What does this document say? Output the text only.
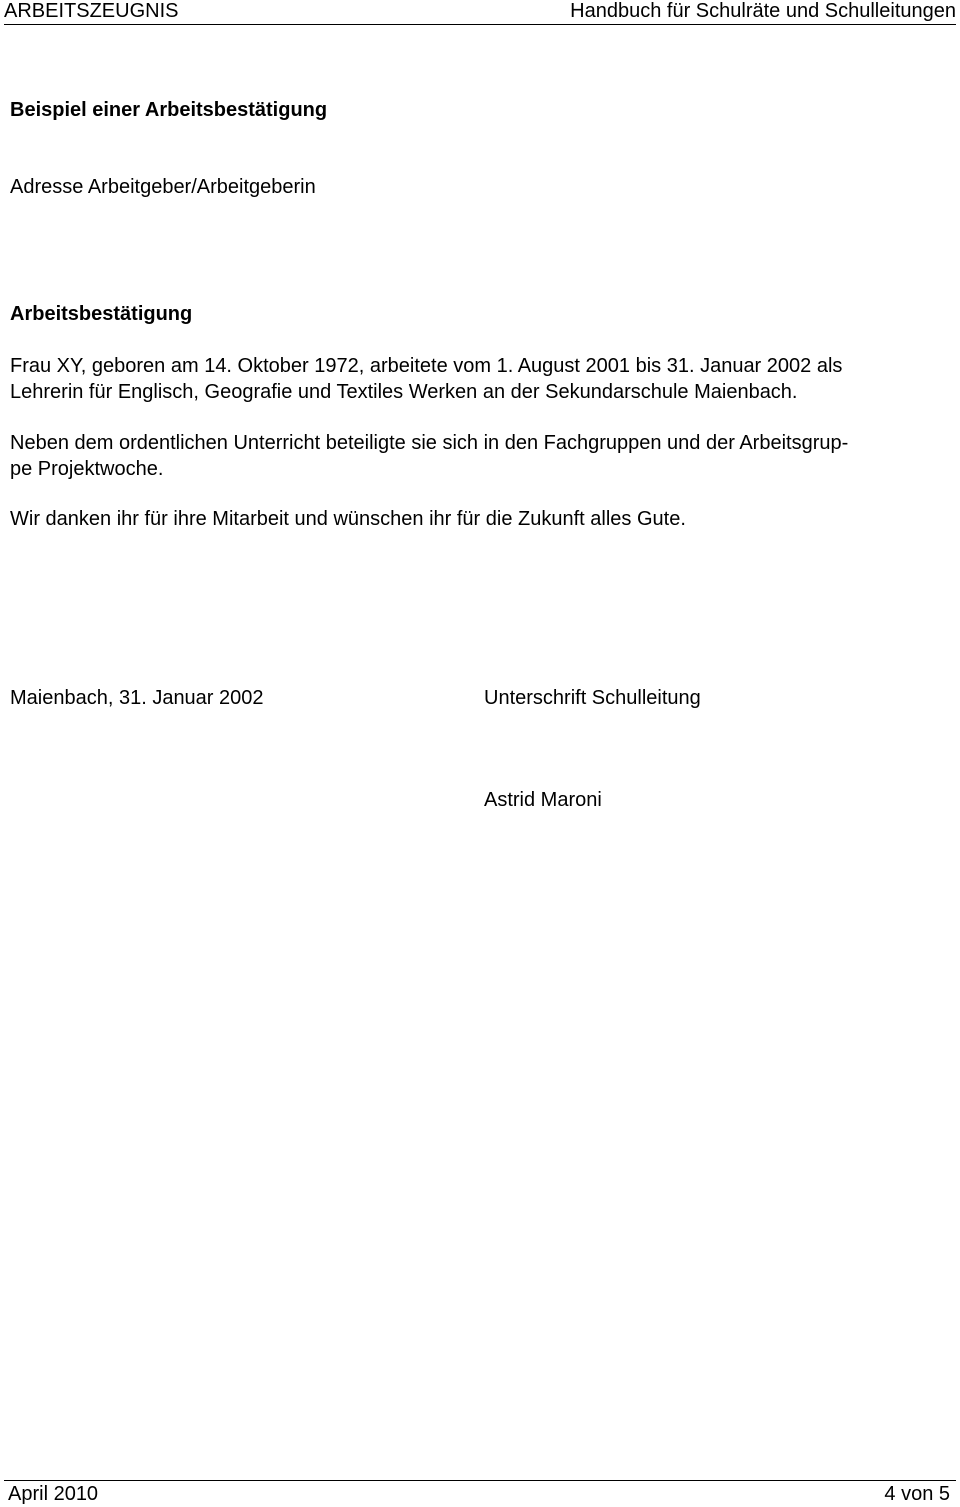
ARBEITSZEUGNIS	Handbuch für Schulräte und Schulleitungen

Beispiel einer Arbeitsbestätigung

Adresse Arbeitgeber/Arbeitgeberin

Arbeitsbestätigung

Frau XY, geboren am 14. Oktober 1972, arbeitete vom 1. August 2001 bis 31. Januar 2002 als

Lehrerin für Englisch, Geografie und Textiles Werken an der Sekundarschule Maienbach.

Neben dem ordentlichen Unterricht beteiligte sie sich in den Fachgruppen und der Arbeitsgrup-

pe Projektwoche.

Wir danken ihr für ihre Mitarbeit und wünschen ihr für die Zukunft alles Gute.

Maienbach, 31. Januar 2002	Unterschrift Schulleitung

Astrid Maroni

April 2010	4 von 5
